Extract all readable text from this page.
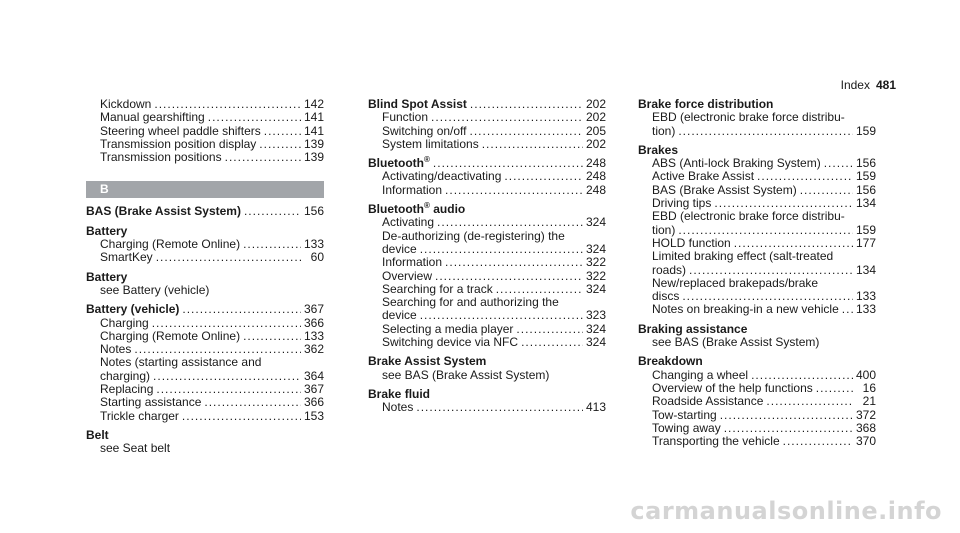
Index 481
Kickdown .....	142
Manual gearshifting .....	141
Steering wheel paddle shifters .....	141
Transmission position display .....	139
Transmission positions .....	139
B
BAS (Brake Assist System) .....	156
Battery
Charging (Remote Online) .....	133
SmartKey .....	60
Battery
see Battery (vehicle)
Battery (vehicle) .....	367
Charging .....	366
Charging (Remote Online) .....	133
Notes .....	362
Notes (starting assistance and
charging) .....	364
Replacing .....	367
Starting assistance .....	366
Trickle charger .....	153
Belt
see Seat belt
Blind Spot Assist .....	202
Function .....	202
Switching on/off .....	205
System limitations .....	202
Bluetooth® .....	248
Activating/deactivating .....	248
Information .....	248
Bluetooth® audio
Activating .....	324
De-authorizing (de-registering) the
device .....	324
Information .....	322
Overview .....	322
Searching for a track .....	324
Searching for and authorizing the
device .....	323
Selecting a media player .....	324
Switching device via NFC .....	324
Brake Assist System
see BAS (Brake Assist System)
Brake fluid
Notes .....	413
Brake force distribution
EBD (electronic brake force distribu-
tion) .....	159
Brakes
ABS (Anti-lock Braking System) .....	156
Active Brake Assist .....	159
BAS (Brake Assist System) .....	156
Driving tips .....	134
EBD (electronic brake force distribu-
tion) .....	159
HOLD function .....	177
Limited braking effect (salt-treated
roads) .....	134
New/replaced brakepads/brake
discs .....	133
Notes on breaking-in a new vehicle ..... 133
Braking assistance
see BAS (Brake Assist System)
Breakdown
Changing a wheel .....	400
Overview of the help functions .....	16
Roadside Assistance .....	21
Tow-starting .....	372
Towing away .....	368
Transporting the vehicle .....	370
carmanualsonline.info
